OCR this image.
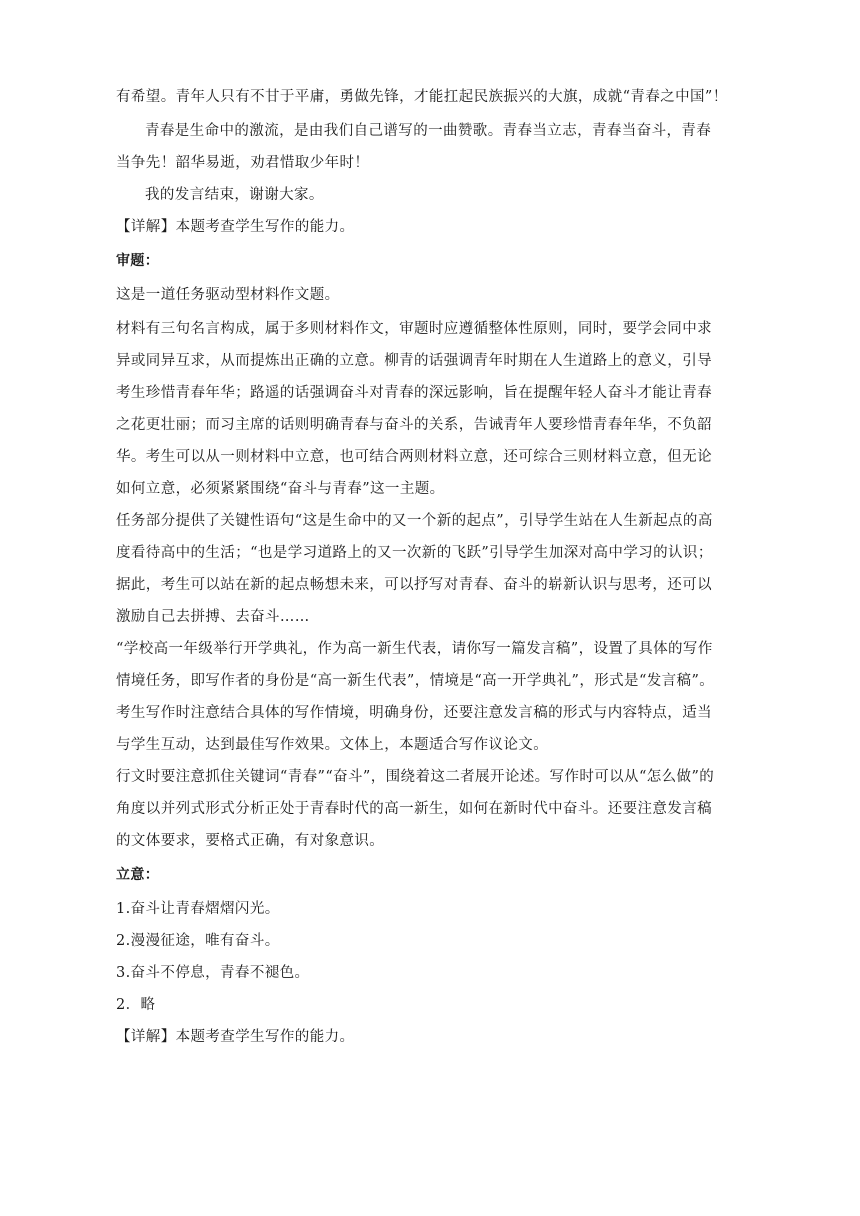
有希望。青年人只有不甘于平庸，勇做先锋，才能扛起民族振兴的大旗，成就“青春之中国”！

青春是生命中的激流，是由我们自己谱写的一曲赞歌。青春当立志，青春当奋斗，青春

当争先！韶华易逝，劝君惜取少年时！

我的发言结束，谢谢大家。

【详解】本题考查学生写作的能力。

审题：

这是一道任务驱动型材料作文题。

材料有三句名言构成，属于多则材料作文，审题时应遵循整体性原则，同时，要学会同中求

异或同异互求，从而提炼出正确的立意。柳青的话强调青年时期在人生道路上的意义，引导

考生珍惜青春年华；路遥的话强调奋斗对青春的深远影响，旨在提醒年轻人奋斗才能让青春

之花更壮丽；而习主席的话则明确青春与奋斗的关系，告诫青年人要珍惜青春年华，不负韶

华。考生可以从一则材料中立意，也可结合两则材料立意，还可综合三则材料立意，但无论

如何立意，必须紧紧围绕“奋斗与青春”这一主题。

任务部分提供了关键性语句“这是生命中的又一个新的起点”，引导学生站在人生新起点的高

度看待高中的生活；“也是学习道路上的又一次新的飞跃”引导学生加深对高中学习的认识；

据此，考生可以站在新的起点畅想未来，可以抒写对青春、奋斗的崭新认识与思考，还可以

激励自己去拼搏、去奋斗……

“学校高一年级举行开学典礼，作为高一新生代表，请你写一篇发言稿”，设置了具体的写作

情境任务，即写作者的身份是“高一新生代表”，情境是“高一开学典礼”，形式是“发言稿”。

考生写作时注意结合具体的写作情境，明确身份，还要注意发言稿的形式与内容特点，适当

与学生互动，达到最佳写作效果。文体上，本题适合写作议论文。

行文时要注意抓住关键词“青春”“奋斗”，围绕着这二者展开论述。写作时可以从“怎么做”的

角度以并列式形式分析正处于青春时代的高一新生，如何在新时代中奋斗。还要注意发言稿

的文体要求，要格式正确，有对象意识。

立意：

1.奋斗让青春熠熠闪光。

2.漫漫征途，唯有奋斗。

3.奋斗不停息，青春不褪色。

2．略

【详解】本题考查学生写作的能力。
